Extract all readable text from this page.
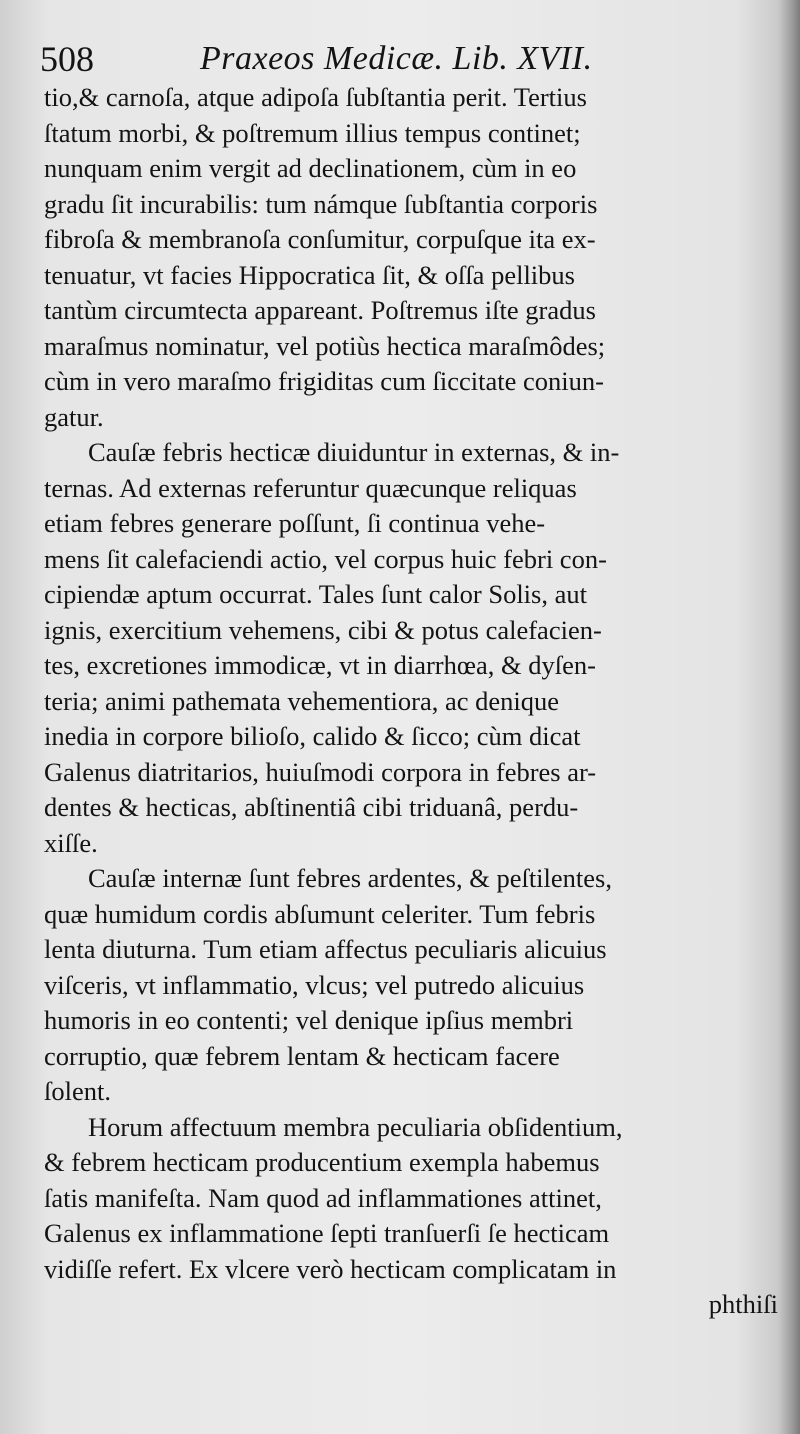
508	Praxeos Medicæ. Lib. XVII.

tio,& carnoſa, atque adipoſa ſubſtantia perit. Tertius
ſtatum morbi, & poſtremum illius tempus continet;
nunquam enim vergit ad declinationem, cùm in eo
gradu ſit incurabilis: tum námque ſubſtantia corporis
fibroſa & membranoſa conſumitur, corpuſque ita ex-
tenuatur, vt facies Hippocratica ſit, & oſſa pellibus
tantùm circumtecta appareant. Poſtremus iſte gradus
maraſmus nominatur, vel potiùs hectica maraſmôdes;
cùm in vero maraſmo frigiditas cum ſiccitate coniun-
gatur.

Cauſæ febris hecticæ diuiduntur in externas, & in-
ternas. Ad externas referuntur quæcunque reliquas
etiam febres generare poſſunt, ſi continua vehe-
mens ſit calefaciendi actio, vel corpus huic febri con-
cipiendæ aptum occurrat. Tales ſunt calor Solis, aut
ignis, exercitium vehemens, cibi & potus calefacien-
tes, excretiones immodicæ, vt in diarrhœa, & dyſen-
teria; animi pathemata vehementiora, ac denique
inedia in corpore bilioſo, calido & ſicco; cùm dicat
Galenus diatritarios, huiuſmodi corpora in febres ar-
dentes & hecticas, abſtinentiâ cibi triduanâ, perdu-
xiſſe.

Cauſæ internæ ſunt febres ardentes, & peſtilentes,
quæ humidum cordis abſumunt celeriter. Tum febris
lenta diuturna. Tum etiam affectus peculiaris alicuius
viſceris, vt inflammatio, vlcus; vel putredo alicuius
humoris in eo contenti; vel denique ipſius membri
corruptio, quæ febrem lentam & hecticam facere
ſolent.

Horum affectuum membra peculiaria obſidentium,
& febrem hecticam producentium exempla habemus
ſatis manifeſta. Nam quod ad inflammationes attinet,
Galenus ex inflammatione ſepti tranſuerſi ſe hecticam
vidiſſe refert. Ex vlcere verò hecticam complicatam in
phthiſi
